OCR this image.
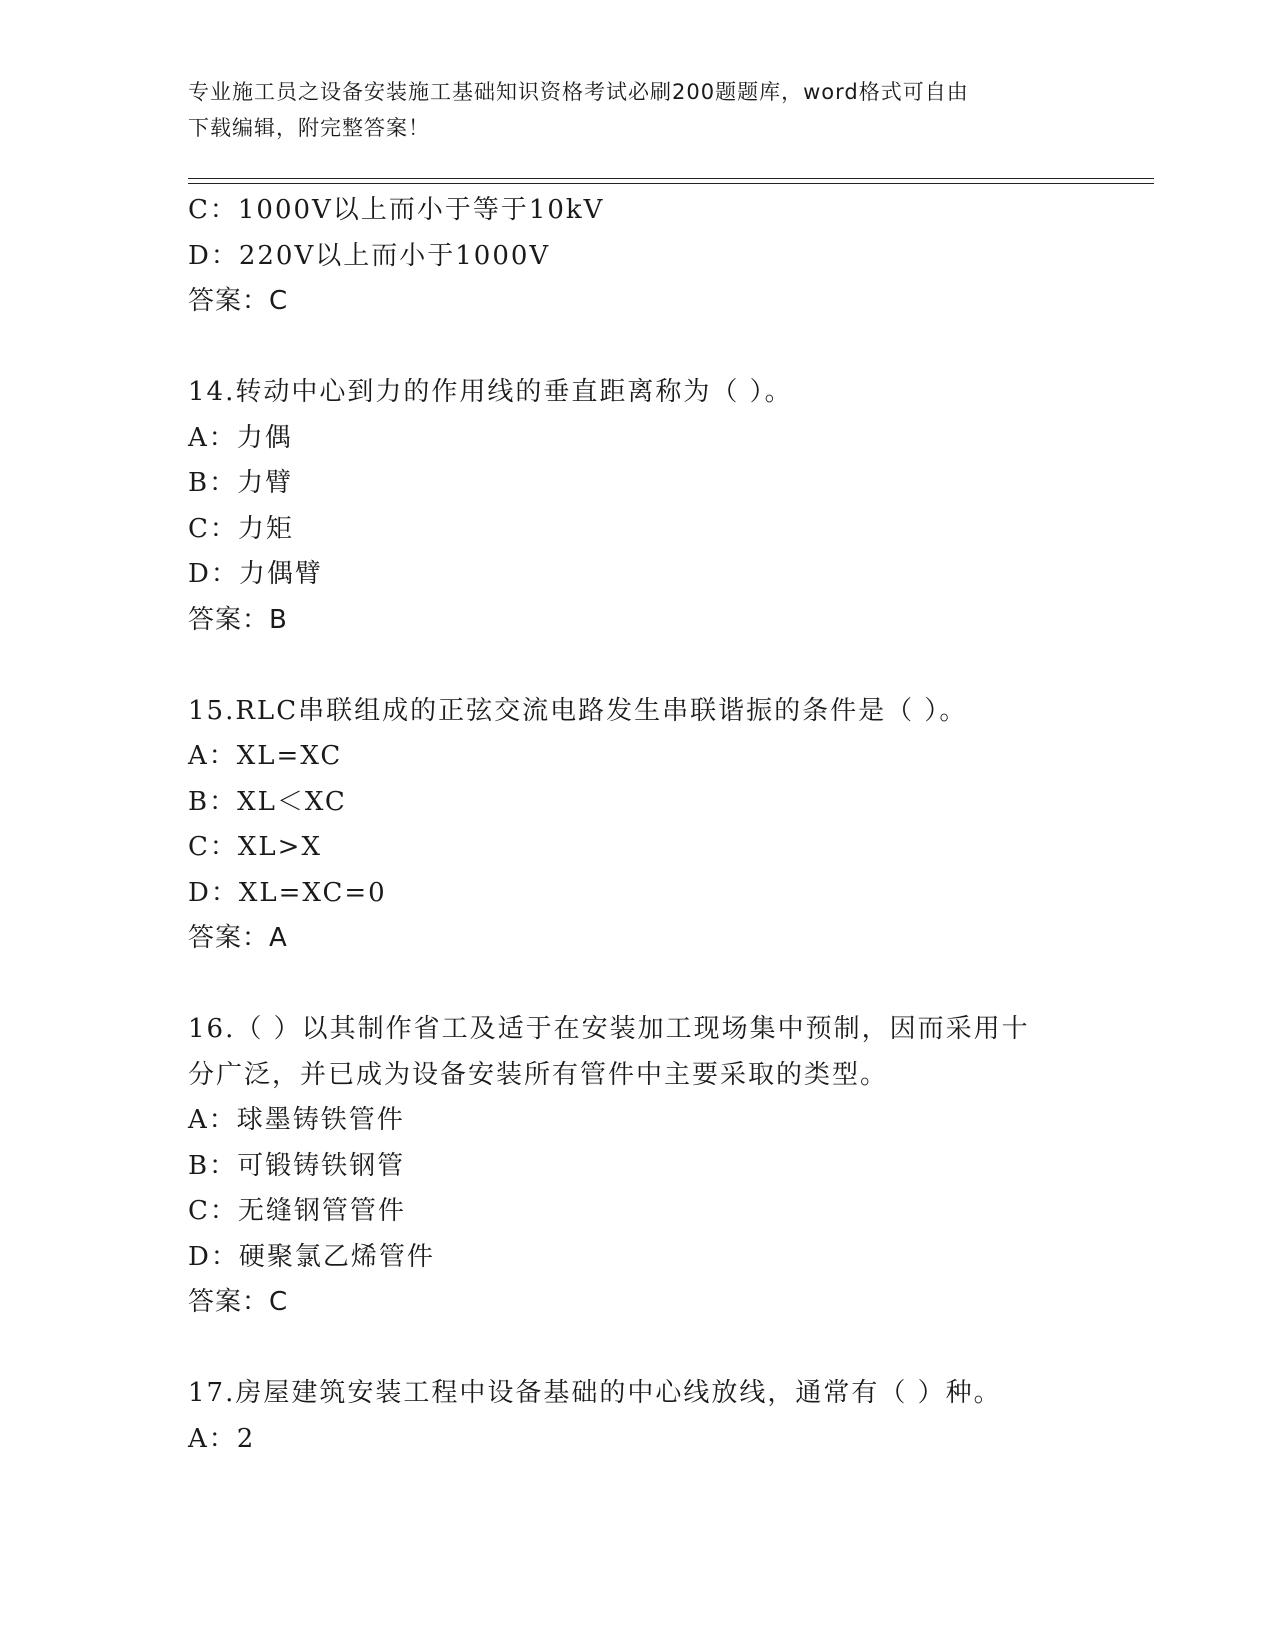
专业施工员之设备安装施工基础知识资格考试必刷200题题库，word格式可自由
下载编辑，附完整答案！
C：1000V以上而小于等于10kV
D：220V以上而小于1000V
答案：C
14.转动中心到力的作用线的垂直距离称为（ ）。
A：力偶
B：力臂
C：力矩
D：力偶臂
答案：B
15.RLC串联组成的正弦交流电路发生串联谐振的条件是（ ）。
A：XL=XC
B：XL＜XC
C：XL>X
D：XL=XC=0
答案：A
16.（ ）以其制作省工及适于在安装加工现场集中预制，因而采用十
分广泛，并已成为设备安装所有管件中主要采取的类型。
A：球墨铸铁管件
B：可锻铸铁钢管
C：无缝钢管管件
D：硬聚氯乙烯管件
答案：C
17.房屋建筑安装工程中设备基础的中心线放线，通常有（ ）种。
A：2
